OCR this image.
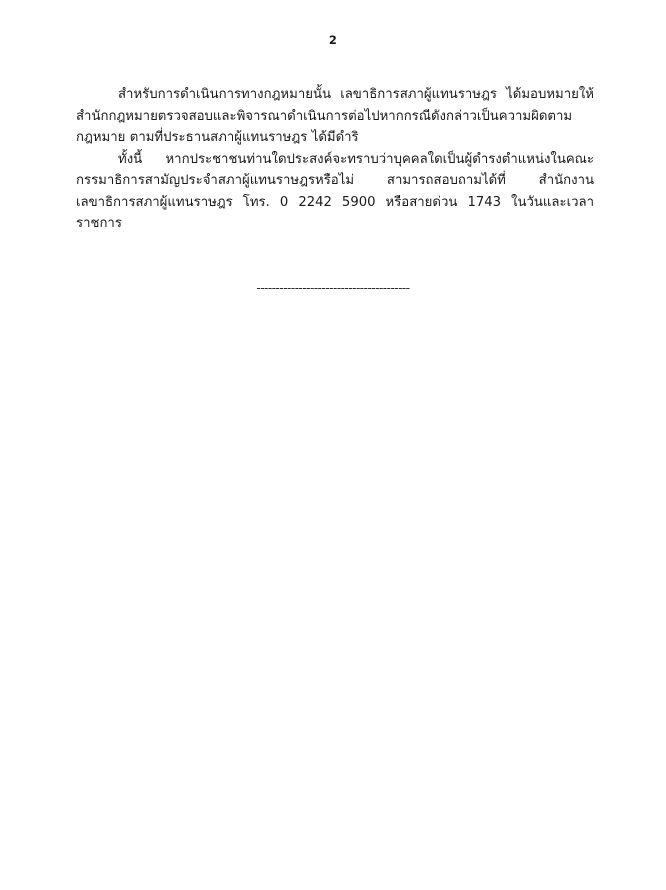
2

สำหรับการดำเนินการทางกฎหมายนั้น เลขาธิการสภาผู้แทนราษฎร ได้มอบหมายให้สำนักกฎหมายตรวจสอบและพิจารณาดำเนินการต่อไปหากกรณีดังกล่าวเป็นความผิดตามกฎหมาย ตามที่ประธานสภาผู้แทนราษฎร ได้มีดำริ

ทั้งนี้ หากประชาชนท่านใดประสงค์จะทราบว่าบุคคลใดเป็นผู้ดำรงตำแหน่งในคณะกรรมาธิการสามัญประจำสภาผู้แทนราษฎรหรือไม่ สามารถสอบถามได้ที่ สำนักงานเลขาธิการสภาผู้แทนราษฎร โทร. 0 2242 5900 หรือสายด่วน 1743 ในวันและเวลาราชการ

----------------------------------------
